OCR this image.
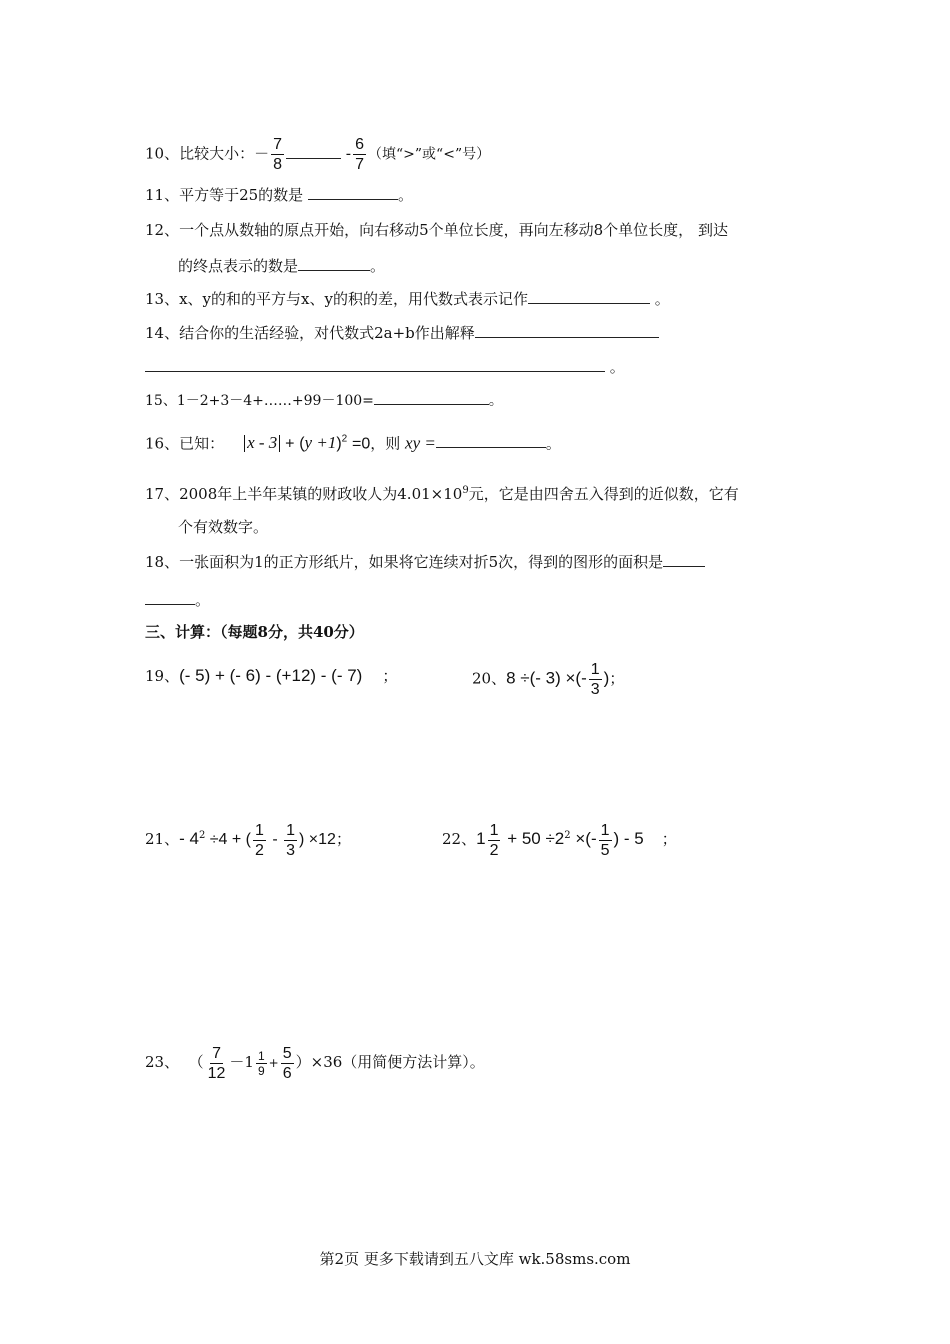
10、比较大小：－ $\frac{7}{8}$	- $\frac{6}{7}$ （填“>”或“<”号）
11、平方等于25的数是	。
12、一个点从数轴的原点开始，向右移动5个单位长度，再向左移动8个单位长度， 到达
的终点表示的数是	。
13、x、y的和的平方与x、y的积的差，用代数式表示记作	。
14、结合你的生活经验，对代数式2a+b作出解释
。
15、1－2+3－4+……+99－100=	。
16、已知： $x - 3 + (y +1)^2 =0$，则 xy =	。
17、2008年上半年某镇的财政收人为$4.01\times 10^9$元，它是由四舍五入得到的近似数，它有
个有效数字。
18、一张面积为1的正方形纸片，如果将它连续对折5次，得到的图形的面积是
。
三、计算：（每题8分，共40分）
19、(- 5) + (- 6) - (+12) - (- 7) ；	20、8 ÷(- 3) ×(- $\frac{1}{3}$ )；
21、- $4^2 \div 4$ + ( $\frac{1}{2} - \frac{1}{3}$ ) ×12；	22、$1 \frac{1}{2} + 50 \div 2^2$ ×(- $\frac{1}{5}$ ) - 5 ；
23、  （ $\frac{7}{12} -1 \frac{1}{9} + \frac{5}{6} )\times 36$（用简便方法计算）。
第2页 更多下载请到五八文库 wk.58sms.com
